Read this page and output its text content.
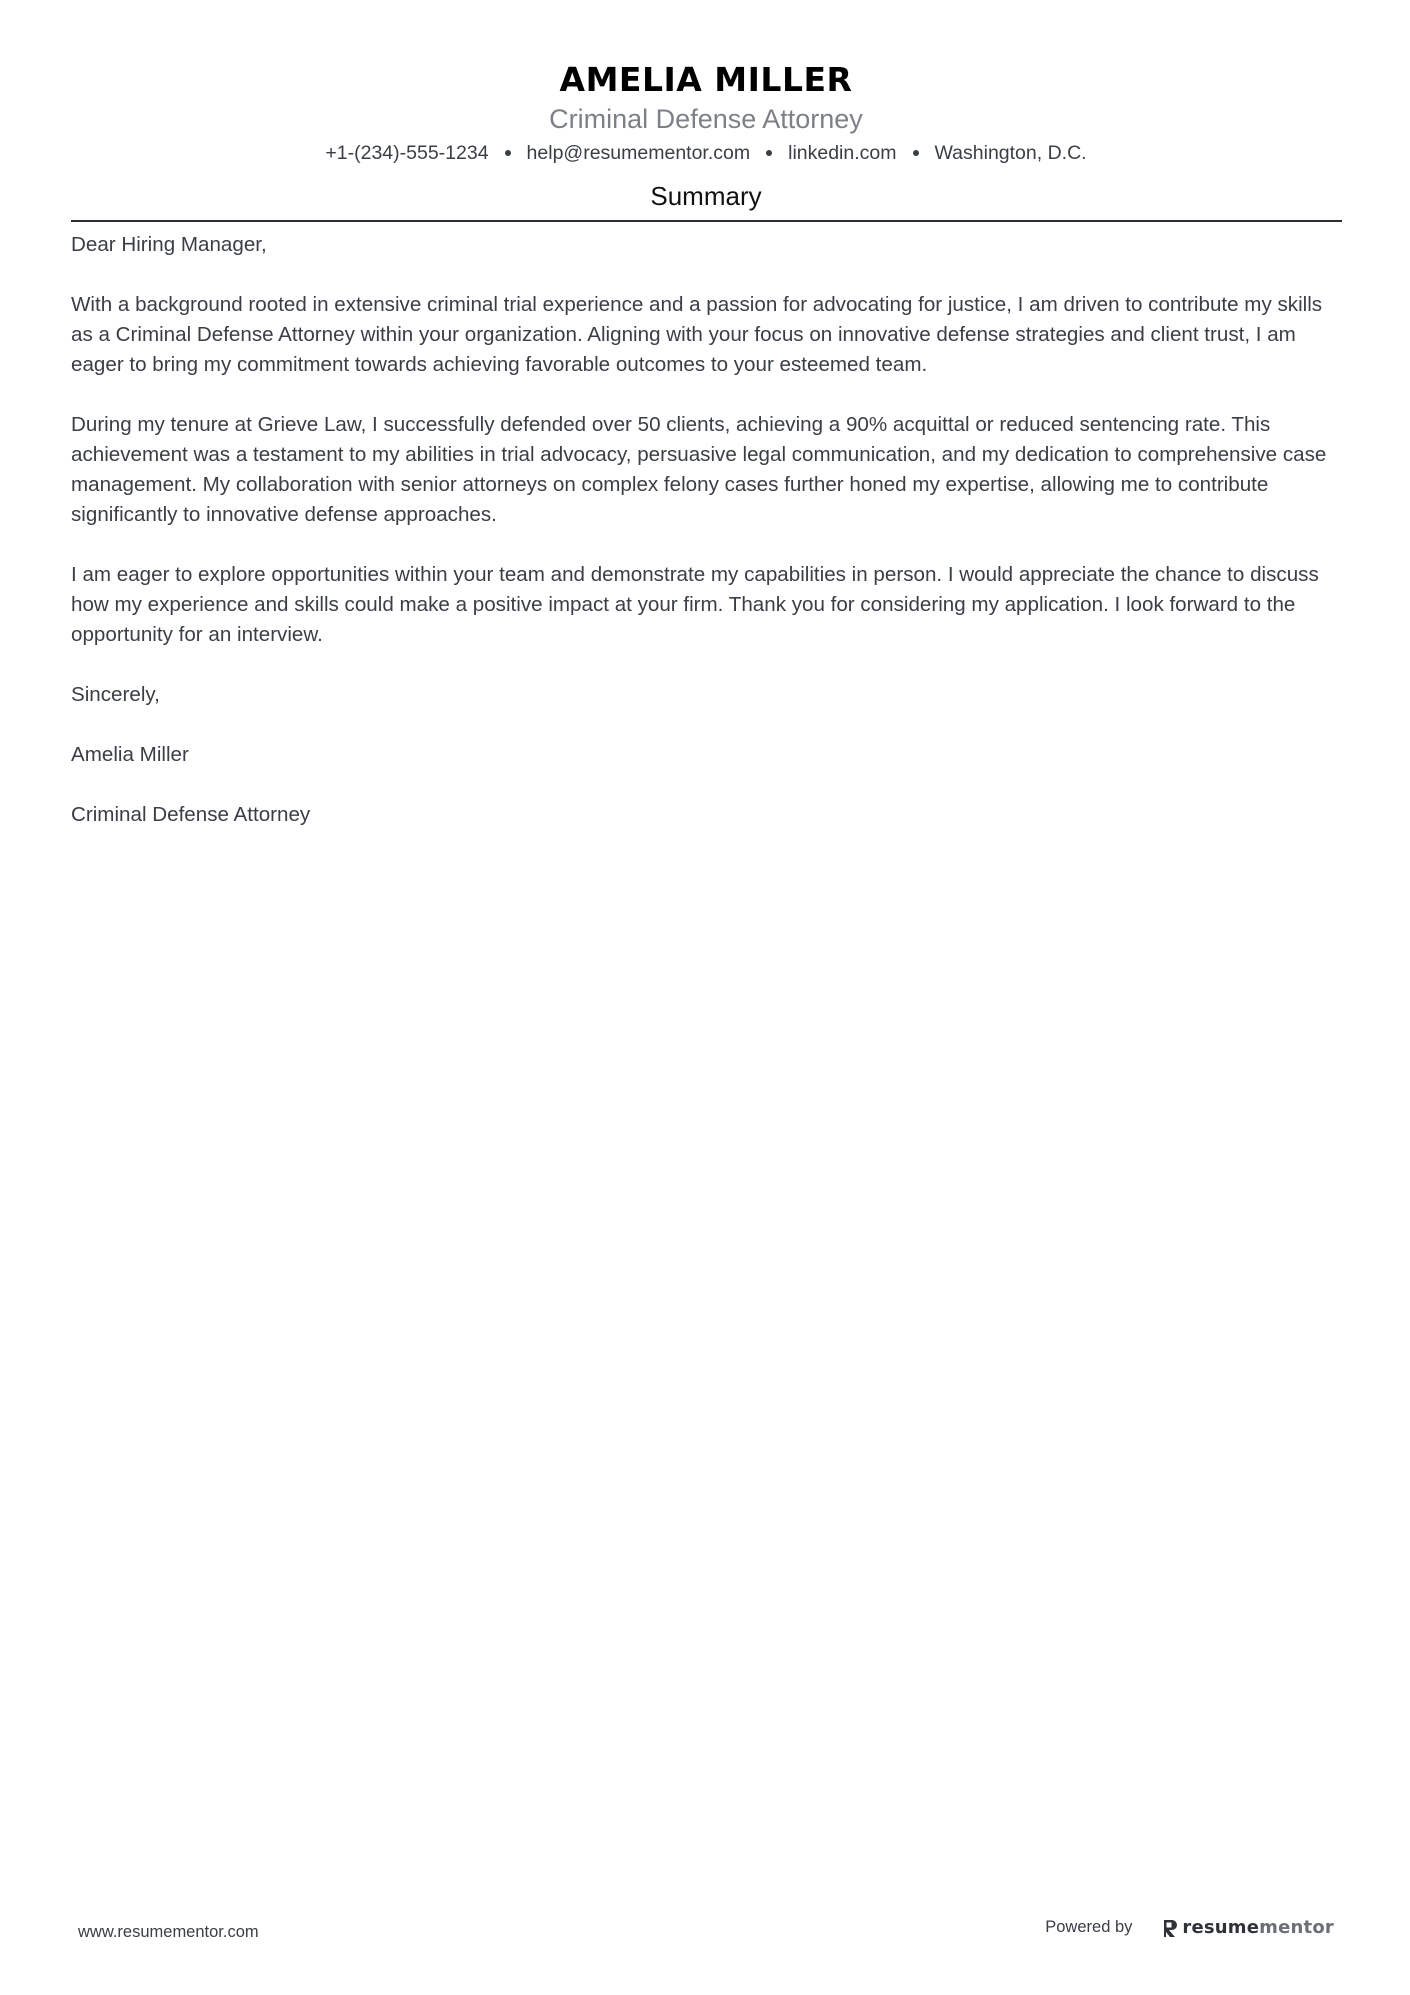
AMELIA MILLER
Criminal Defense Attorney
+1-(234)-555-1234 help@resumementor.com linkedin.com Washington, D.C.
Summary

Dear Hiring Manager,

With a background rooted in extensive criminal trial experience and a passion for advocating for justice, I am driven to contribute my skills as a Criminal Defense Attorney within your organization. Aligning with your focus on innovative defense strategies and client trust, I am eager to bring my commitment towards achieving favorable outcomes to your esteemed team.

During my tenure at Grieve Law, I successfully defended over 50 clients, achieving a 90% acquittal or reduced sentencing rate. This achievement was a testament to my abilities in trial advocacy, persuasive legal communication, and my dedication to comprehensive case management. My collaboration with senior attorneys on complex felony cases further honed my expertise, allowing me to contribute significantly to innovative defense approaches.

I am eager to explore opportunities within your team and demonstrate my capabilities in person. I would appreciate the chance to discuss how my experience and skills could make a positive impact at your firm. Thank you for considering my application. I look forward to the opportunity for an interview.

Sincerely,

Amelia Miller

Criminal Defense Attorney

www.resumementor.com	Powered by	resume mentor
